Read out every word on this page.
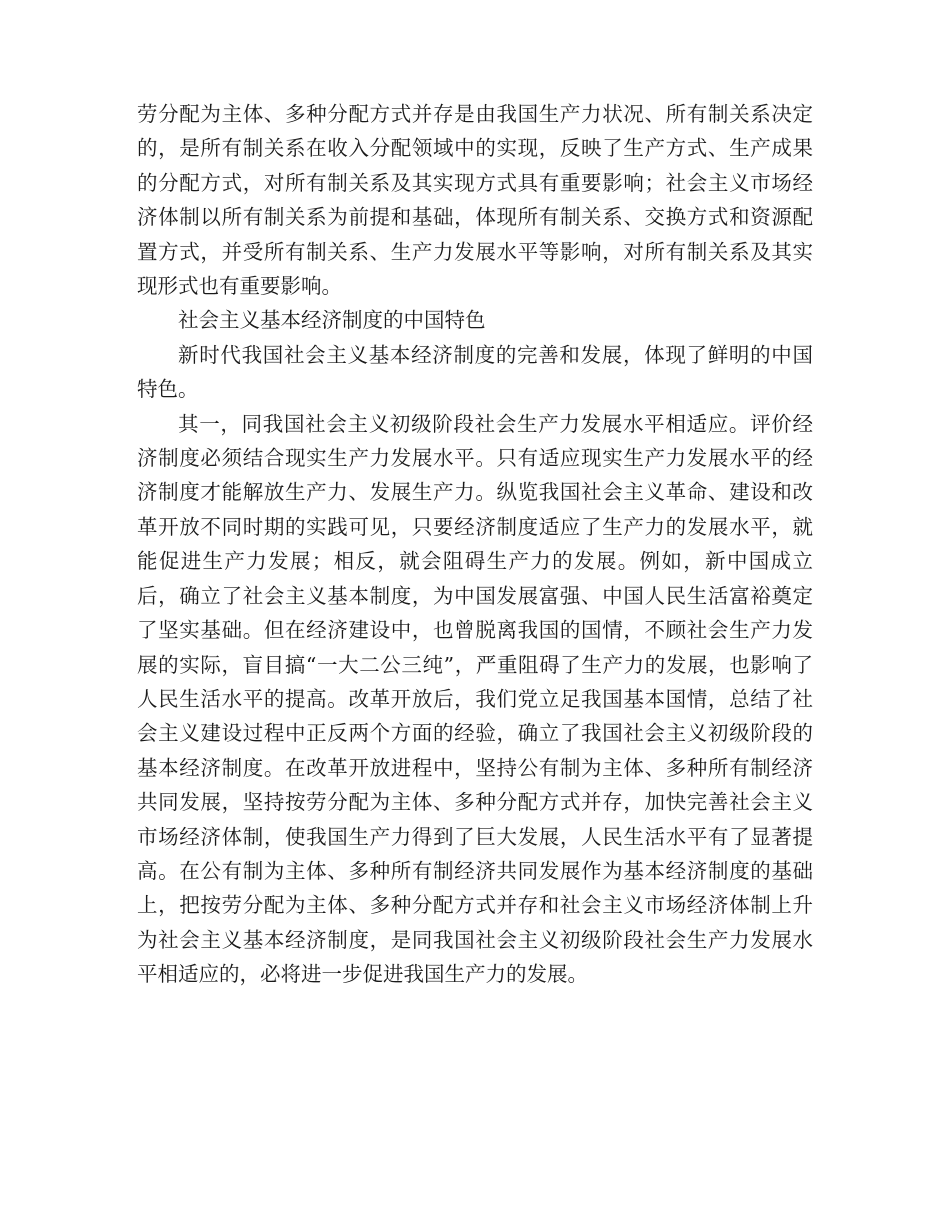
劳分配为主体、多种分配方式并存是由我国生产力状况、所有制关系决定的，是所有制关系在收入分配领域中的实现，反映了生产方式、生产成果的分配方式，对所有制关系及其实现方式具有重要影响；社会主义市场经济体制以所有制关系为前提和基础，体现所有制关系、交换方式和资源配置方式，并受所有制关系、生产力发展水平等影响，对所有制关系及其实现形式也有重要影响。

社会主义基本经济制度的中国特色

新时代我国社会主义基本经济制度的完善和发展，体现了鲜明的中国特色。

其一，同我国社会主义初级阶段社会生产力发展水平相适应。评价经济制度必须结合现实生产力发展水平。只有适应现实生产力发展水平的经济制度才能解放生产力、发展生产力。纵览我国社会主义革命、建设和改革开放不同时期的实践可见，只要经济制度适应了生产力的发展水平，就能促进生产力发展；相反，就会阻碍生产力的发展。例如，新中国成立后，确立了社会主义基本制度，为中国发展富强、中国人民生活富裕奠定了坚实基础。但在经济建设中，也曾脱离我国的国情，不顾社会生产力发展的实际，盲目搞“一大二公三纯”，严重阻碍了生产力的发展，也影响了人民生活水平的提高。改革开放后，我们党立足我国基本国情，总结了社会主义建设过程中正反两个方面的经验，确立了我国社会主义初级阶段的基本经济制度。在改革开放进程中，坚持公有制为主体、多种所有制经济共同发展，坚持按劳分配为主体、多种分配方式并存，加快完善社会主义市场经济体制，使我国生产力得到了巨大发展，人民生活水平有了显著提高。在公有制为主体、多种所有制经济共同发展作为基本经济制度的基础上，把按劳分配为主体、多种分配方式并存和社会主义市场经济体制上升为社会主义基本经济制度，是同我国社会主义初级阶段社会生产力发展水平相适应的，必将进一步促进我国生产力的发展。
